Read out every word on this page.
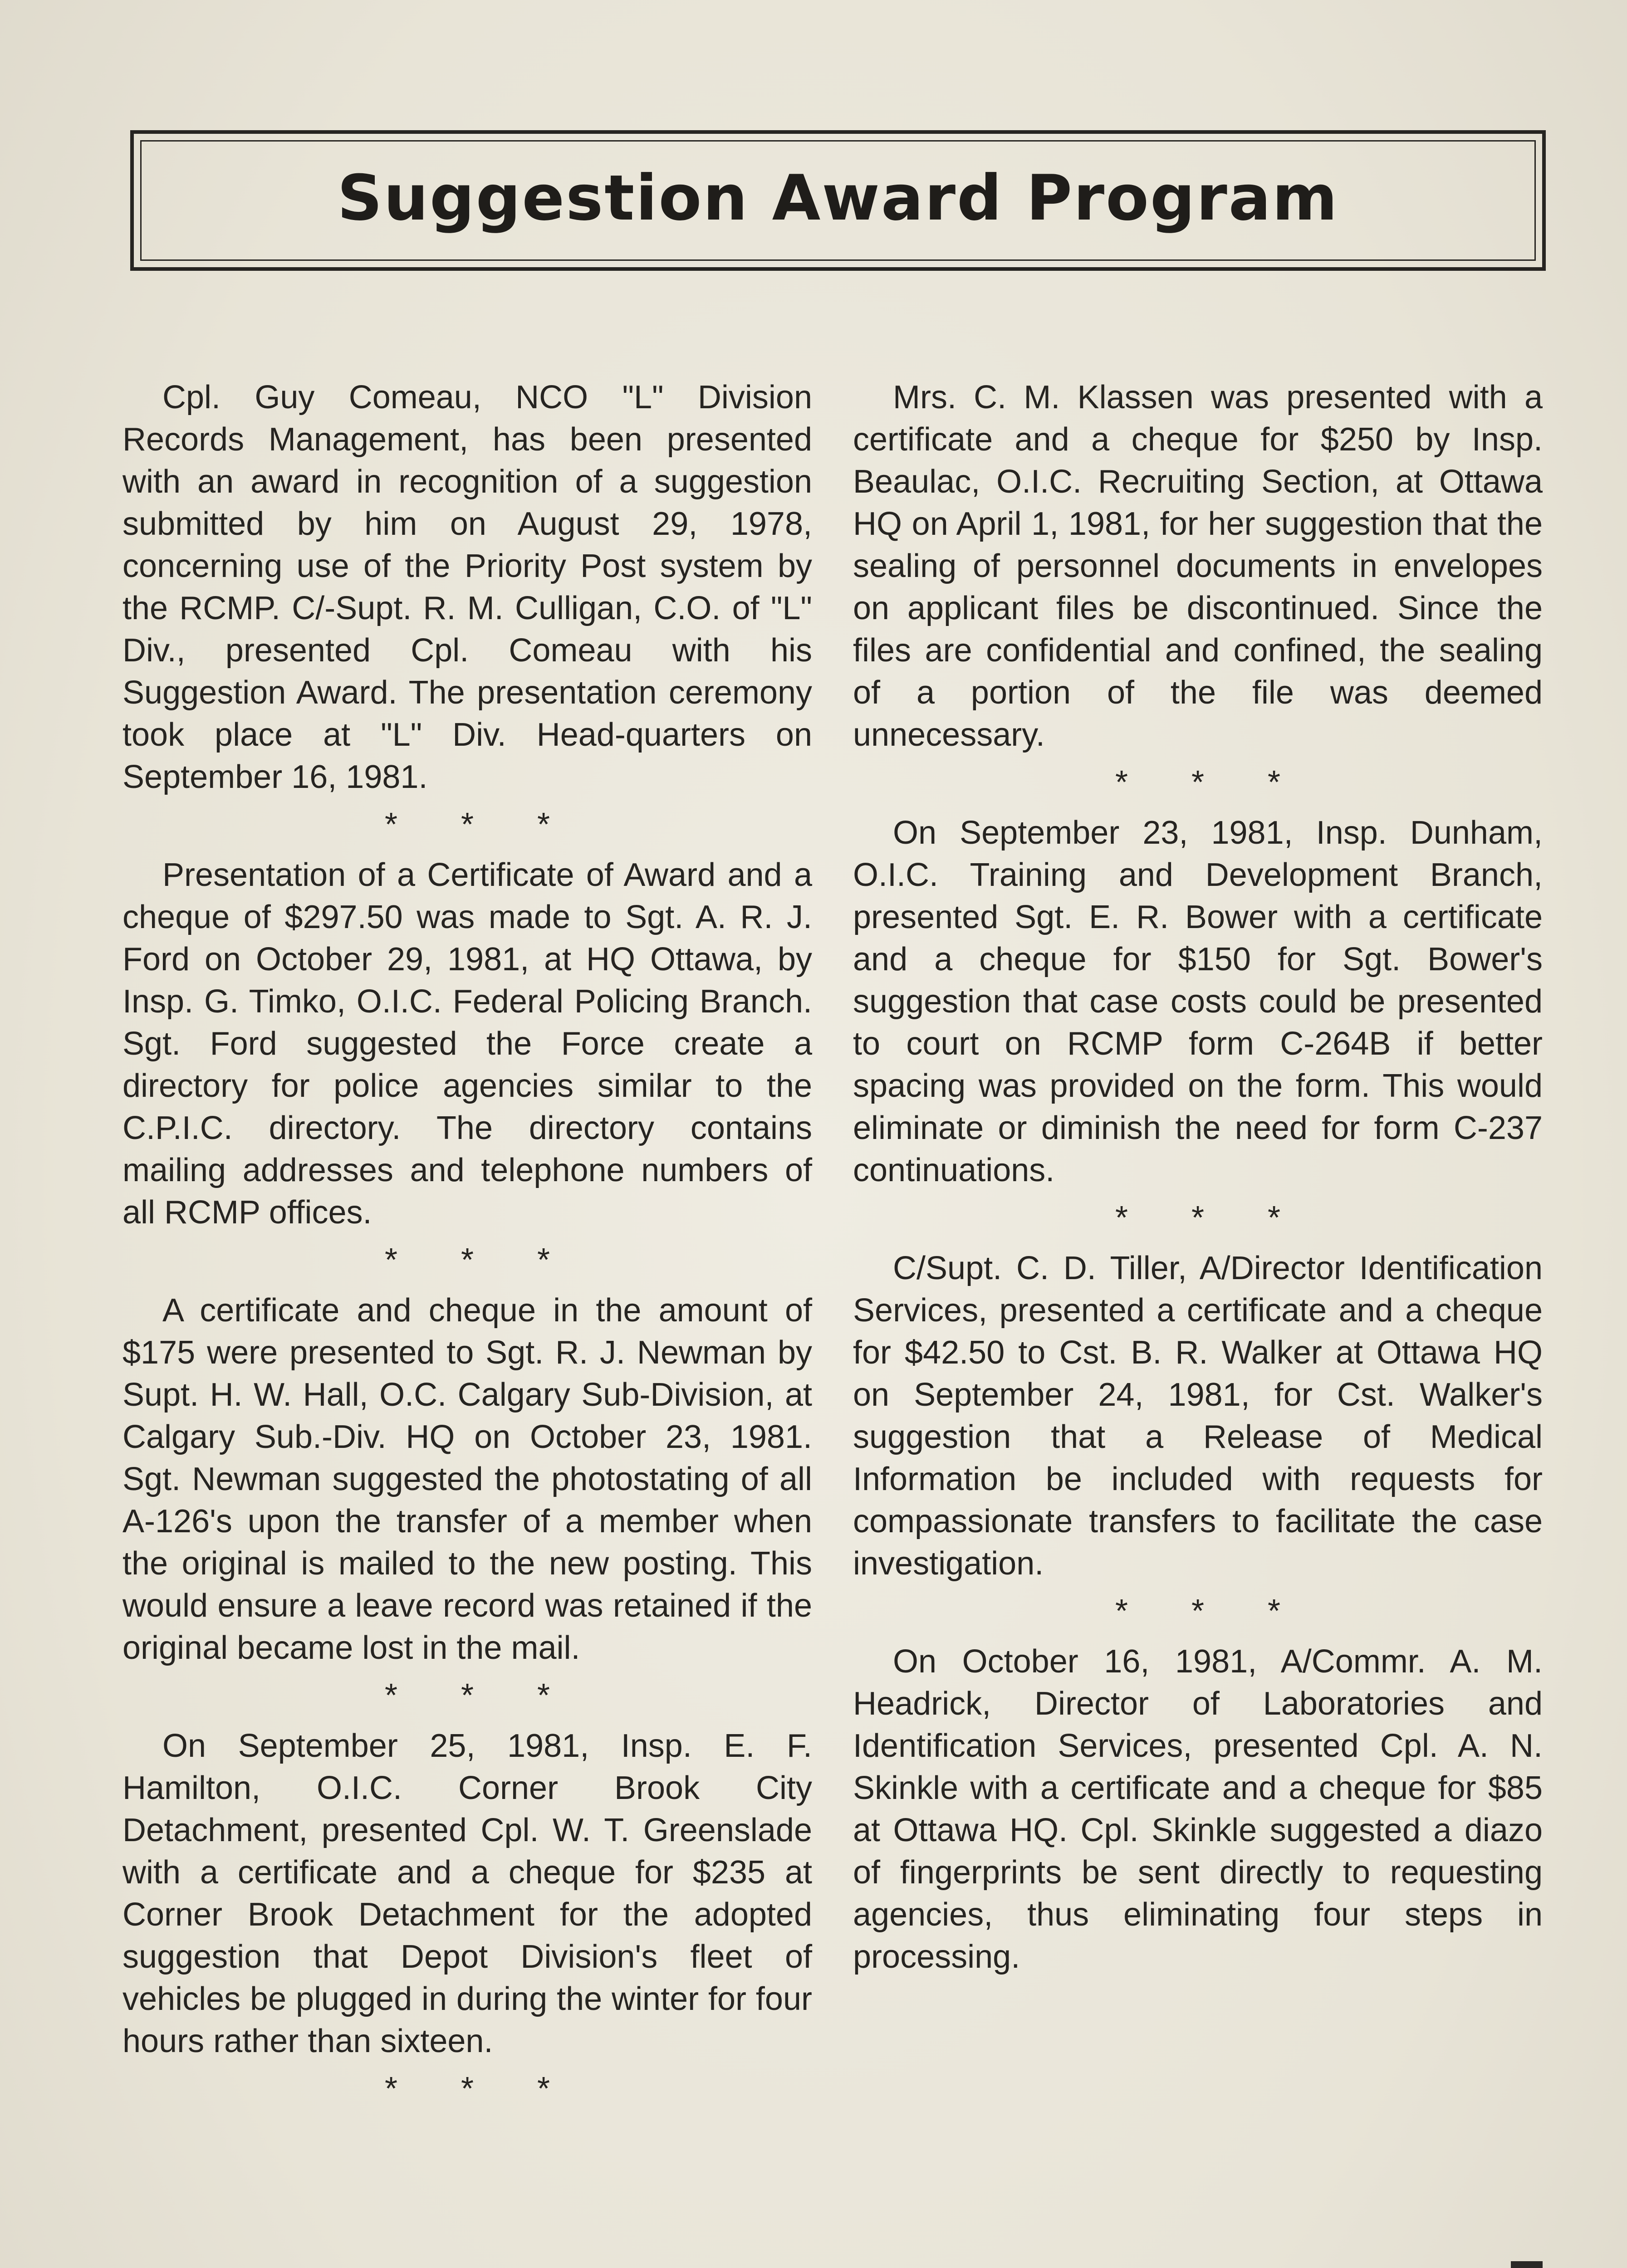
Suggestion Award Program

Cpl. Guy Comeau, NCO "L" Division Records Management, has been presented with an award in recognition of a suggestion submitted by him on August 29, 1978, concerning use of the Priority Post system by the RCMP. C/-Supt. R. M. Culligan, C.O. of "L" Div., presented Cpl. Comeau with his Suggestion Award. The presentation ceremony took place at "L" Div. Head-quarters on September 16, 1981.

* * *

Presentation of a Certificate of Award and a cheque of $297.50 was made to Sgt. A. R. J. Ford on October 29, 1981, at HQ Ottawa, by Insp. G. Timko, O.I.C. Federal Policing Branch. Sgt. Ford suggested the Force create a directory for police agencies similar to the C.P.I.C. directory. The directory contains mailing addresses and telephone numbers of all RCMP offices.

* * *

A certificate and cheque in the amount of $175 were presented to Sgt. R. J. Newman by Supt. H. W. Hall, O.C. Calgary Sub-Division, at Calgary Sub.-Div. HQ on October 23, 1981. Sgt. Newman suggested the photostating of all A-126's upon the transfer of a member when the original is mailed to the new posting. This would ensure a leave record was retained if the original became lost in the mail.

* * *

On September 25, 1981, Insp. E. F. Hamilton, O.I.C. Corner Brook City Detachment, presented Cpl. W. T. Greenslade with a certificate and a cheque for $235 at Corner Brook Detachment for the adopted suggestion that Depot Division's fleet of vehicles be plugged in during the winter for four hours rather than sixteen.

* * *

Mrs. C. M. Klassen was presented with a certificate and a cheque for $250 by Insp. Beaulac, O.I.C. Recruiting Section, at Ottawa HQ on April 1, 1981, for her suggestion that the sealing of personnel documents in envelopes on applicant files be discontinued. Since the files are confidential and confined, the sealing of a portion of the file was deemed unnecessary.

* * *

On September 23, 1981, Insp. Dunham, O.I.C. Training and Development Branch, presented Sgt. E. R. Bower with a certificate and a cheque for $150 for Sgt. Bower's suggestion that case costs could be presented to court on RCMP form C-264B if better spacing was provided on the form. This would eliminate or diminish the need for form C-237 continuations.

* * *

C/Supt. C. D. Tiller, A/Director Identification Services, presented a certificate and a cheque for $42.50 to Cst. B. R. Walker at Ottawa HQ on September 24, 1981, for Cst. Walker's suggestion that a Release of Medical Information be included with requests for compassionate transfers to facilitate the case investigation.

* * *

On October 16, 1981, A/Commr. A. M. Headrick, Director of Laboratories and Identification Services, presented Cpl. A. N. Skinkle with a certificate and a cheque for $85 at Ottawa HQ. Cpl. Skinkle suggested a diazo of fingerprints be sent directly to requesting agencies, thus eliminating four steps in processing.
